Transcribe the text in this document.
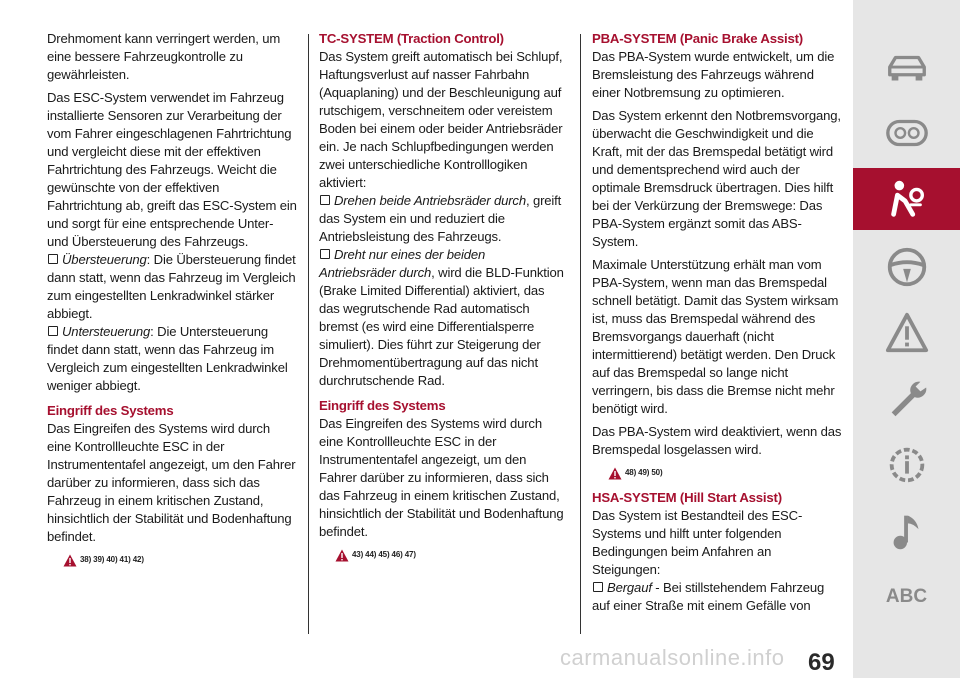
Drehmoment kann verringert werden, um eine bessere Fahrzeugkontrolle zu gewährleisten.

Das ESC-System verwendet im Fahrzeug installierte Sensoren zur Verarbeitung der vom Fahrer eingeschlagenen Fahrtrichtung und vergleicht diese mit der effektiven Fahrtrichtung des Fahrzeugs. Weicht die gewünschte von der effektiven Fahrtrichtung ab, greift das ESC-System ein und sorgt für eine entsprechende Unter- und Übersteuerung des Fahrzeugs.

Übersteuerung: Die Übersteuerung findet dann statt, wenn das Fahrzeug im Vergleich zum eingestellten Lenkradwinkel stärker abbiegt.
Untersteuerung: Die Untersteuerung findet dann statt, wenn das Fahrzeug im Vergleich zum eingestellten Lenkradwinkel weniger abbiegt.
Eingriff des Systems

Das Eingreifen des Systems wird durch eine Kontrollleuchte ESC in der Instrumententafel angezeigt, um den Fahrer darüber zu informieren, dass sich das Fahrzeug in einem kritischen Zustand, hinsichtlich der Stabilität und Bodenhaftung befindet.

38) 39) 40) 41) 42)
TC-SYSTEM (Traction Control)

Das System greift automatisch bei Schlupf, Haftungsverlust auf nasser Fahrbahn (Aquaplaning) und der Beschleunigung auf rutschigem, verschneitem oder vereistem Boden bei einem oder beider Antriebsräder ein. Je nach Schlupfbedingungen werden zwei unterschiedliche Kontrolllogiken aktiviert:

Drehen beide Antriebsräder durch, greift das System ein und reduziert die Antriebsleistung des Fahrzeugs.
Dreht nur eines der beiden Antriebsräder durch, wird die BLD-Funktion (Brake Limited Differential) aktiviert, das das wegrutschende Rad automatisch bremst (es wird eine Differentialsperre simuliert). Dies führt zur Steigerung der Drehmomentübertragung auf das nicht durchrutschende Rad.
Eingriff des Systems

Das Eingreifen des Systems wird durch eine Kontrollleuchte ESC in der Instrumententafel angezeigt, um den Fahrer darüber zu informieren, dass sich das Fahrzeug in einem kritischen Zustand, hinsichtlich der Stabilität und Bodenhaftung befindet.

43) 44) 45) 46) 47)
PBA-SYSTEM (Panic Brake Assist)

Das PBA-System wurde entwickelt, um die Bremsleistung des Fahrzeugs während einer Notbremsung zu optimieren.

Das System erkennt den Notbremsvorgang, überwacht die Geschwindigkeit und die Kraft, mit der das Bremspedal betätigt wird und dementsprechend wird auch der optimale Bremsdruck übertragen. Dies hilft bei der Verkürzung der Bremswege: Das PBA-System ergänzt somit das ABS-System.

Maximale Unterstützung erhält man vom PBA-System, wenn man das Bremspedal schnell betätigt. Damit das System wirksam ist, muss das Bremspedal während des Bremsvorgangs dauerhaft (nicht intermittierend) betätigt werden. Den Druck auf das Bremspedal so lange nicht verringern, bis dass die Bremse nicht mehr benötigt wird.

Das PBA-System wird deaktiviert, wenn das Bremspedal losgelassen wird.

48) 49) 50)
HSA-SYSTEM (Hill Start Assist)

Das System ist Bestandteil des ESC-Systems und hilft unter folgenden Bedingungen beim Anfahren an Steigungen:

Bergauf - Bei stillstehendem Fahrzeug auf einer Straße mit einem Gefälle von	ABC
carmanualsonline.info 69
